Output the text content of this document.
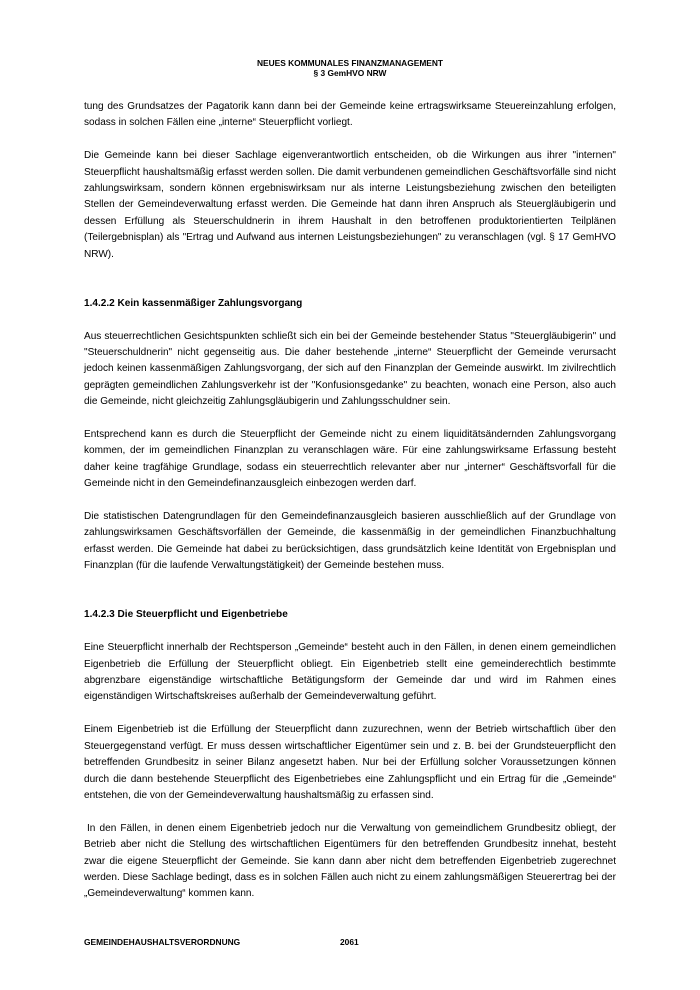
NEUES KOMMUNALES FINANZMANAGEMENT
§ 3 GemHVO NRW

tung des Grundsatzes der Pagatorik kann dann bei der Gemeinde keine ertragswirksame Steuereinzahlung erfolgen, sodass in solchen Fällen eine „interne“ Steuerpflicht vorliegt.

Die Gemeinde kann bei dieser Sachlage eigenverantwortlich entscheiden, ob die Wirkungen aus ihrer "internen" Steuerpflicht haushaltsmäßig erfasst werden sollen. Die damit verbundenen gemeindlichen Geschäftsvorfälle sind nicht zahlungswirksam, sondern können ergebniswirksam nur als interne Leistungsbeziehung zwischen den beteiligten Stellen der Gemeindeverwaltung erfasst werden. Die Gemeinde hat dann ihren Anspruch als Steuergläubigerin und dessen Erfüllung als Steuerschuldnerin in ihrem Haushalt in den betroffenen produktorientierten Teilplänen (Teilergebnisplan) als "Ertrag und Aufwand aus internen Leistungsbeziehungen" zu veranschlagen (vgl. § 17 GemHVO NRW).

1.4.2.2 Kein kassenmäßiger Zahlungsvorgang

Aus steuerrechtlichen Gesichtspunkten schließt sich ein bei der Gemeinde bestehender Status "Steuergläubigerin" und "Steuerschuldnerin" nicht gegenseitig aus. Die daher bestehende „interne“ Steuerpflicht der Gemeinde verursacht jedoch keinen kassenmäßigen Zahlungsvorgang, der sich auf den Finanzplan der Gemeinde auswirkt. Im zivilrechtlich geprägten gemeindlichen Zahlungsverkehr ist der "Konfusionsgedanke" zu beachten, wonach eine Person, also auch die Gemeinde, nicht gleichzeitig Zahlungsgläubigerin und Zahlungsschuldner sein.

Entsprechend kann es durch die Steuerpflicht der Gemeinde nicht zu einem liquiditätsändernden Zahlungsvorgang kommen, der im gemeindlichen Finanzplan zu veranschlagen wäre. Für eine zahlungswirksame Erfassung besteht daher keine tragfähige Grundlage, sodass ein steuerrechtlich relevanter aber nur „interner“ Geschäftsvorfall für die Gemeinde nicht in den Gemeindefinanzausgleich einbezogen werden darf.

Die statistischen Datengrundlagen für den Gemeindefinanzausgleich basieren ausschließlich auf der Grundlage von zahlungswirksamen Geschäftsvorfällen der Gemeinde, die kassenmäßig in der gemeindlichen Finanzbuchhaltung erfasst werden. Die Gemeinde hat dabei zu berücksichtigen, dass grundsätzlich keine Identität von Ergebnisplan und Finanzplan (für die laufende Verwaltungstätigkeit) der Gemeinde bestehen muss.

1.4.2.3 Die Steuerpflicht und Eigenbetriebe

Eine Steuerpflicht innerhalb der Rechtsperson „Gemeinde“ besteht auch in den Fällen, in denen einem gemeindlichen Eigenbetrieb die Erfüllung der Steuerpflicht obliegt. Ein Eigenbetrieb stellt eine gemeinderechtlich bestimmte abgrenzbare eigenständige wirtschaftliche Betätigungsform der Gemeinde dar und wird im Rahmen eines eigenständigen Wirtschaftskreises außerhalb der Gemeindeverwaltung geführt.

Einem Eigenbetrieb ist die Erfüllung der Steuerpflicht dann zuzurechnen, wenn der Betrieb wirtschaftlich über den Steuergegenstand verfügt. Er muss dessen wirtschaftlicher Eigentümer sein und z. B. bei der Grundsteuerpflicht den betreffenden Grundbesitz in seiner Bilanz angesetzt haben. Nur bei der Erfüllung solcher Voraussetzungen können durch die dann bestehende Steuerpflicht des Eigenbetriebes eine Zahlungspflicht und ein Ertrag für die „Gemeinde“ entstehen, die von der Gemeindeverwaltung haushaltsmäßig zu erfassen sind.

In den Fällen, in denen einem Eigenbetrieb jedoch nur die Verwaltung von gemeindlichem Grundbesitz obliegt, der Betrieb aber nicht die Stellung des wirtschaftlichen Eigentümers für den betreffenden Grundbesitz innehat, besteht zwar die eigene Steuerpflicht der Gemeinde. Sie kann dann aber nicht dem betreffenden Eigenbetrieb zugerechnet werden. Diese Sachlage bedingt, dass es in solchen Fällen auch nicht zu einem zahlungsmäßigen Steuerertrag bei der „Gemeindeverwaltung“ kommen kann.

GEMEINDEHAUSHALTSVERORDNUNG	2061
